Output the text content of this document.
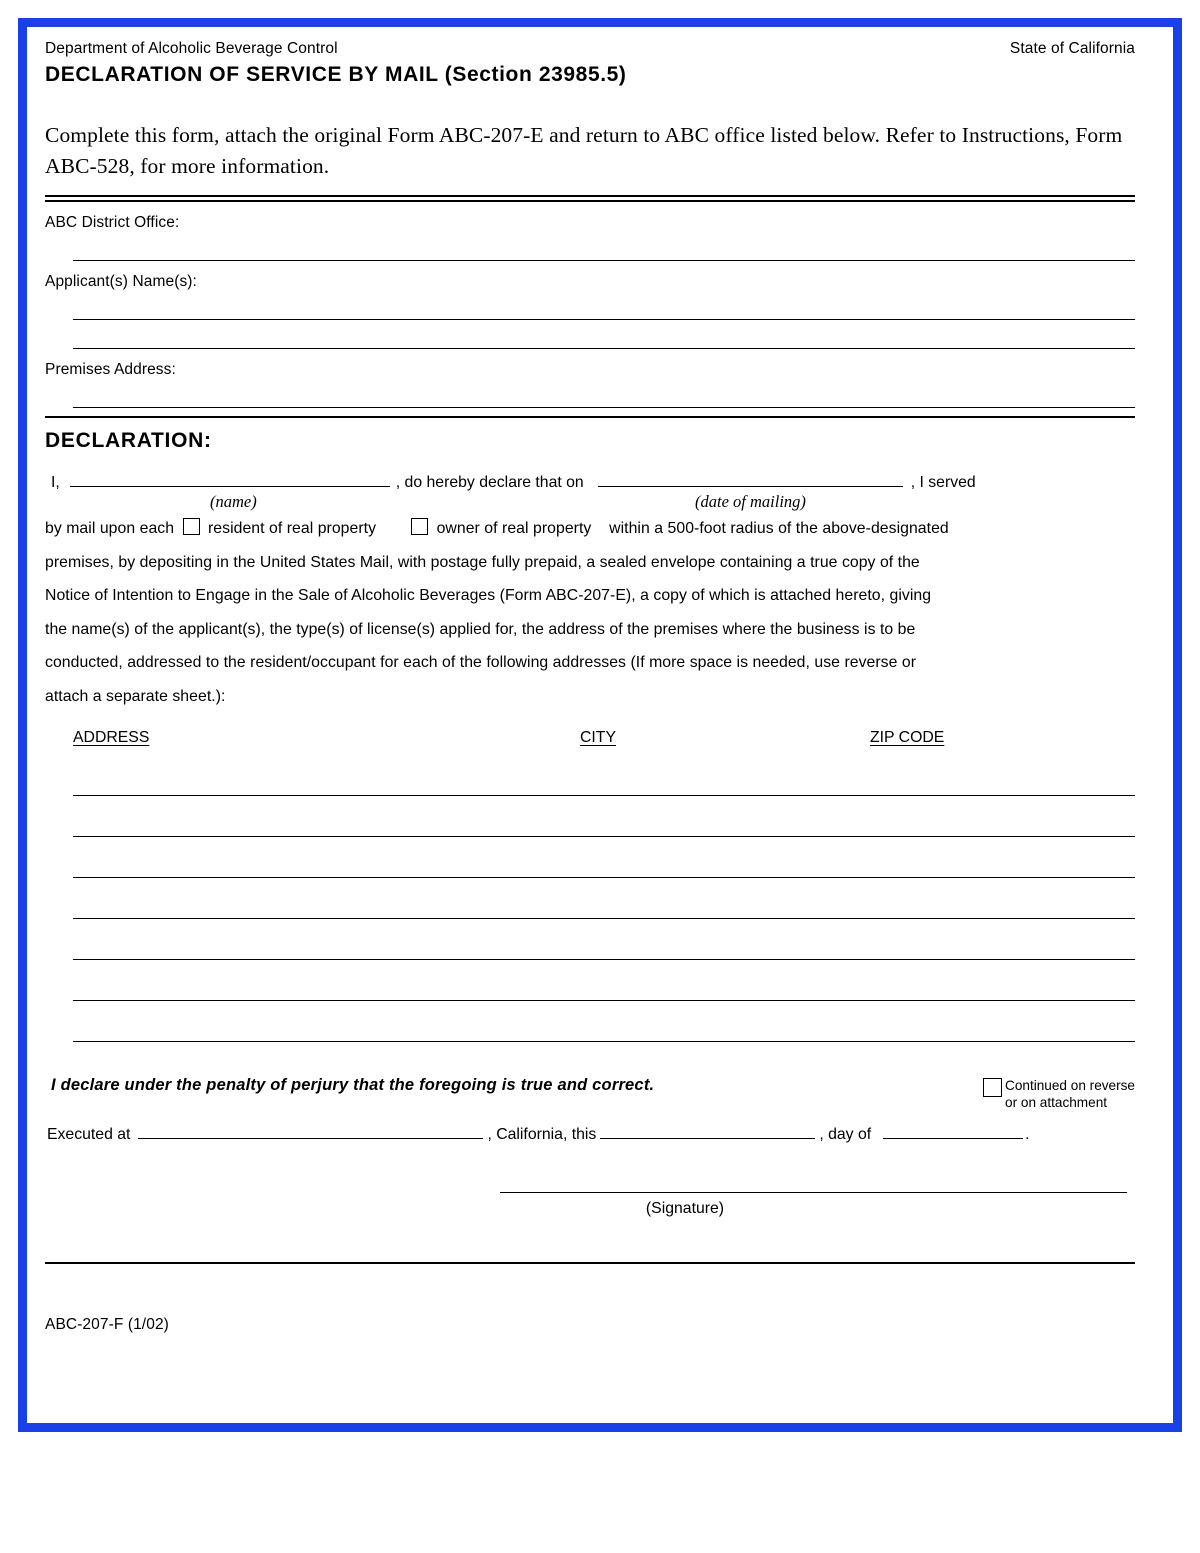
Department of Alcoholic Beverage Control	State of California
DECLARATION OF SERVICE BY MAIL (Section 23985.5)
Complete this form, attach the original Form ABC-207-E and return to ABC office listed below. Refer to Instructions, Form ABC-528, for more information.
ABC District Office:
Applicant(s) Name(s):
Premises Address:
DECLARATION:
I,	, do hereby declare that on	, I served
(name)	(date of mailing)
by mail upon each resident of real property	owner of real property within a 500-foot radius of the above-designated
premises, by depositing in the United States Mail, with postage fully prepaid, a sealed envelope containing a true copy of the
Notice of Intention to Engage in the Sale of Alcoholic Beverages (Form ABC-207-E), a copy of which is attached hereto, giving
the name(s) of the applicant(s), the type(s) of license(s) applied for, the address of the premises where the business is to be
conducted, addressed to the resident/occupant for each of the following addresses (If more space is needed, use reverse or
attach a separate sheet.):
ADDRESS	CITY	ZIP CODE
Continued on reverse
or on attachment
I declare under the penalty of perjury that the foregoing is true and correct.
Executed at	, California, this	, day of	.
(Signature)
ABC-207-F (1/02)
